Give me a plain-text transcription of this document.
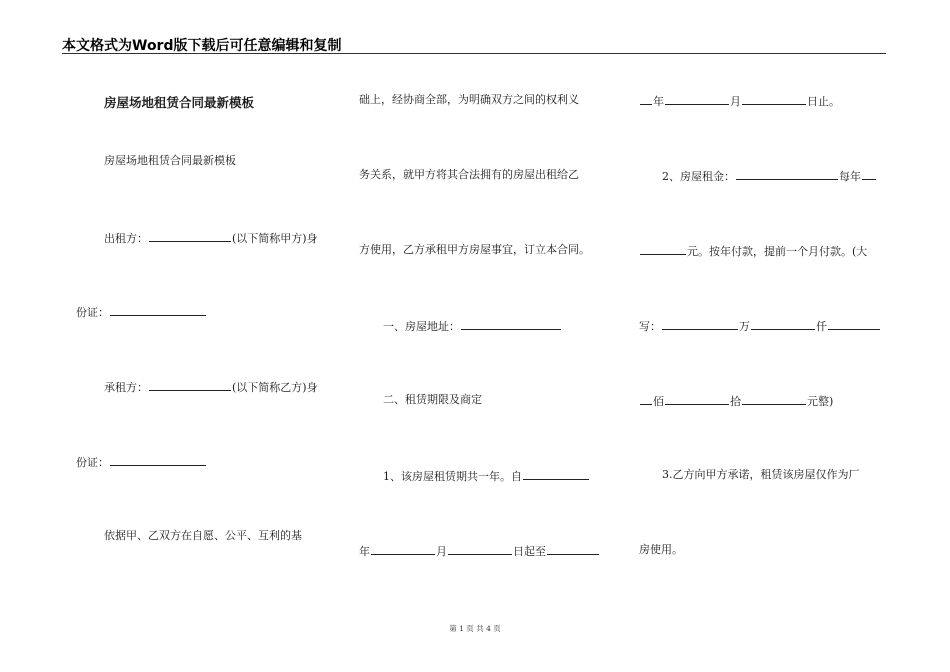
本文格式为Word版下载后可任意编辑和复制
房屋场地租赁合同最新模板
房屋场地租赁合同最新模板
出租方：	(以下简称甲方)身
份证：
承租方：	(以下简称乙方)身
份证：
依据甲、乙双方在自愿、公平、互利的基
础上，经协商全部，为明确双方之间的权利义
务关系，就甲方将其合法拥有的房屋出租给乙
方使用，乙方承租甲方房屋事宜，订立本合同。
一、房屋地址：
二、租赁期限及商定
1、该房屋租赁期共一年。自
年	月	日起至
年	月	日止。
2、房屋租金：	每年
元。按年付款，提前一个月付款。(大
写：	万	仟
佰	拾	元整)
3.乙方向甲方承诺，租赁该房屋仅作为厂
房使用。
第 1 页 共 4 页
